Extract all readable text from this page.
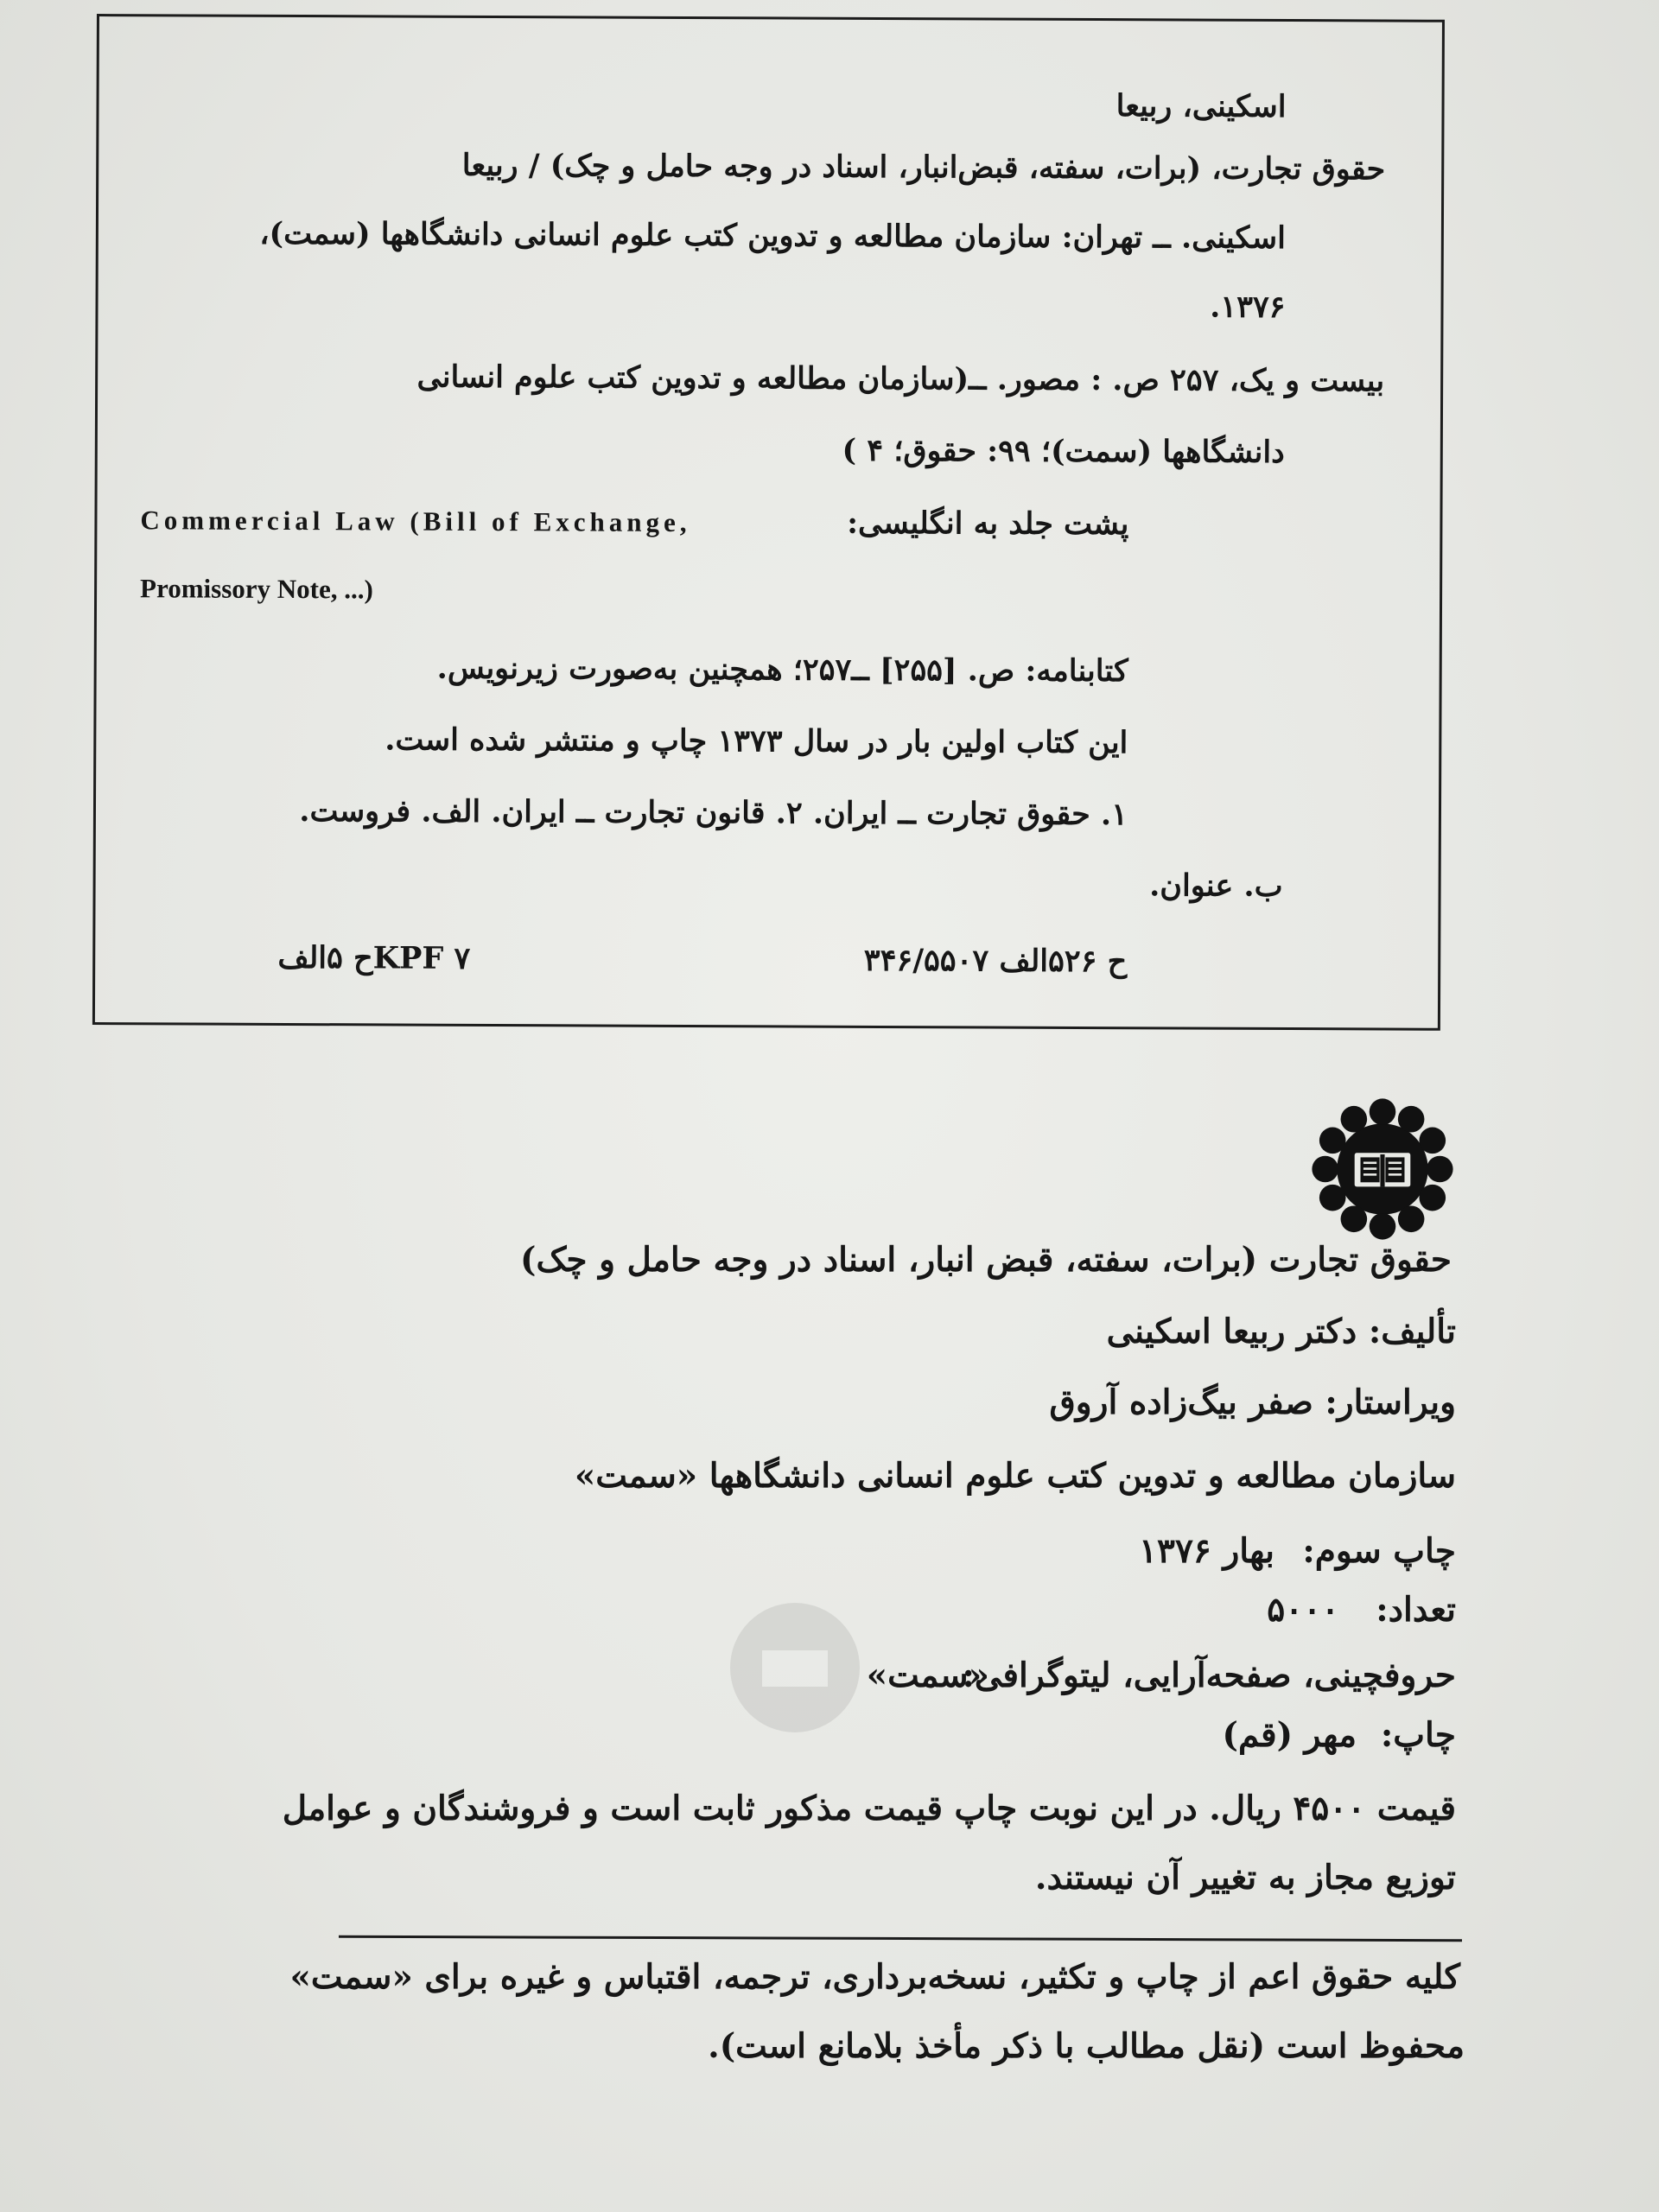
اسکینی، ربیعا
حقوق تجارت، (برات، سفته، قبض‌انبار، اسناد در وجه حامل و چک) / ربیعا
اسکینی. ــ تهران: سازمان مطالعه و تدوین کتب علوم انسانی دانشگاهها (سمت)،
۱۳۷۶.
بیست و یک، ۲۵۷ ص. : مصور. ــ(سازمان مطالعه و تدوین کتب علوم انسانی
دانشگاهها (سمت)؛ ۹۹: حقوق؛ ۴ )
پشت جلد به انگلیسی:
Commercial Law (Bill of Exchange,
Promissory Note, ...)
کتابنامه: ص. [۲۵۵] ــ۲۵۷؛ همچنین به‌صورت زیرنویس.
این کتاب اولین بار در سال ۱۳۷۳ چاپ و منتشر شده است.
۱. حقوق تجارت ــ ایران. ۲. قانون تجارت ــ ایران. الف. فروست.
ب. عنوان.
ح ۵۲۶الف ۳۴۶/۵۵۰۷
KPF ۷ح ۵الف
حقوق تجارت (برات، سفته، قبض انبار، اسناد در وجه حامل و چک)
تألیف: دکتر ربیعا اسکینی
ویراستار: صفر بیگ‌زاده آروق
سازمان مطالعه و تدوین کتب علوم انسانی دانشگاهها «سمت»
چاپ سوم:
بهار ۱۳۷۶
تعداد:
۵۰۰۰
حروفچینی، صفحه‌آرایی، لیتوگرافی:
«سمت»
چاپ:
مهر (قم)
قیمت ۴۵۰۰ ریال. در این نوبت چاپ قیمت مذکور ثابت است و فروشندگان و عوامل
توزیع مجاز به تغییر آن نیستند.
کلیه حقوق اعم از چاپ و تکثیر، نسخه‌برداری، ترجمه، اقتباس و غیره برای «سمت»
محفوظ است (نقل مطالب با ذکر مأخذ بلامانع است).
